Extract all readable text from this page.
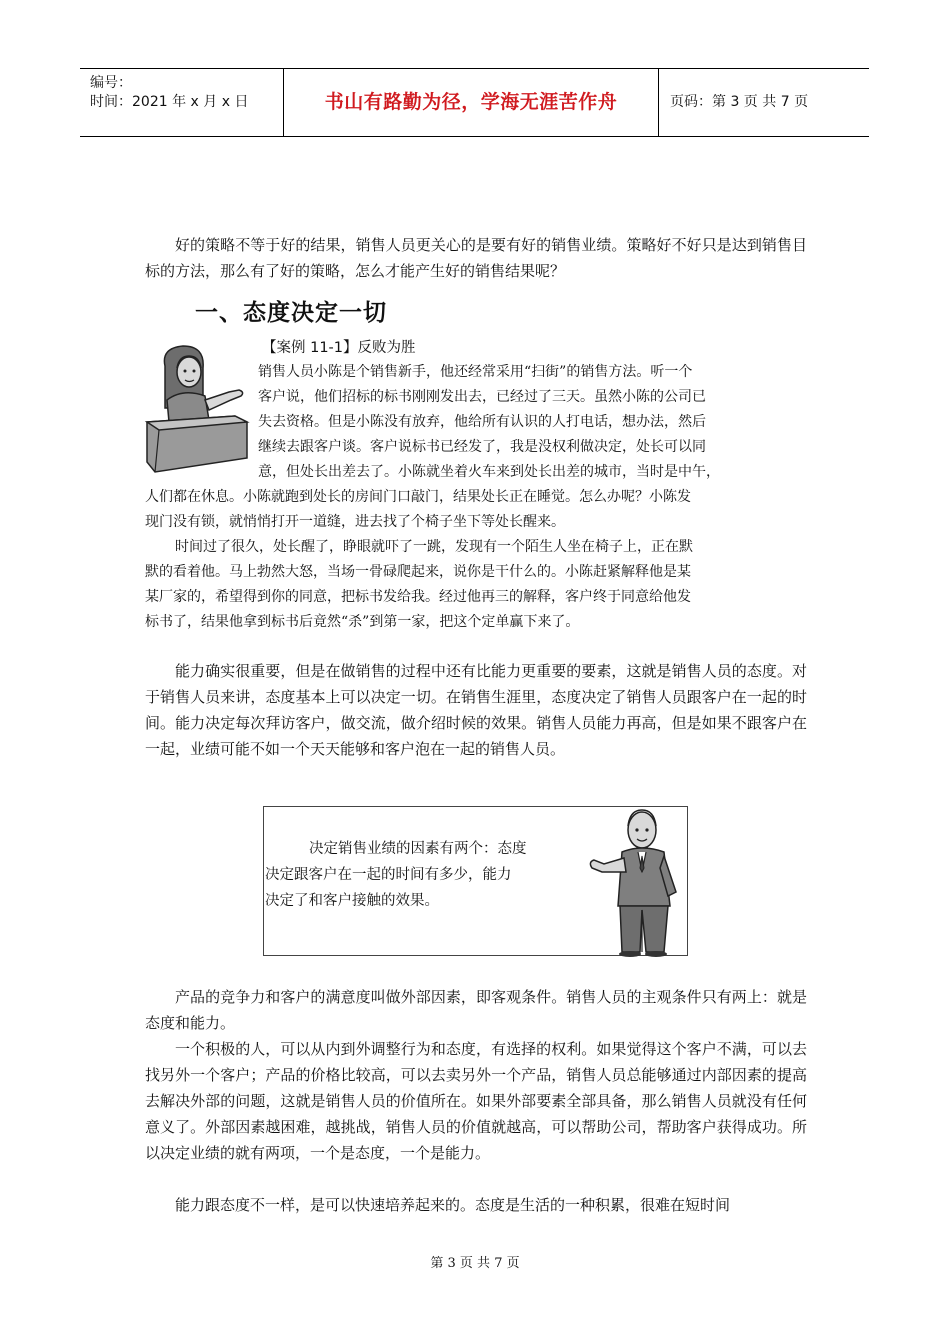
编号：
时间：2021 年 x 月 x 日	书山有路勤为径，学海无涯苦作舟	页码：第 3 页 共 7 页
好的策略不等于好的结果，销售人员更关心的是要有好的销售业绩。策略好不好只是达到销售目标的方法，那么有了好的策略，怎么才能产生好的销售结果呢？
一、态度决定一切
【案例 11-1】反败为胜
销售人员小陈是个销售新手，他还经常采用“扫街”的销售方法。听一个
客户说，他们招标的标书刚刚发出去，已经过了三天。虽然小陈的公司已
失去资格。但是小陈没有放弃，他给所有认识的人打电话，想办法，然后
继续去跟客户谈。客户说标书已经发了，我是没权利做决定，处长可以同
意，但处长出差去了。小陈就坐着火车来到处长出差的城市，当时是中午，
人们都在休息。小陈就跑到处长的房间门口敲门，结果处长正在睡觉。怎么办呢？小陈发
现门没有锁，就悄悄打开一道缝，进去找了个椅子坐下等处长醒来。
时间过了很久，处长醒了，睁眼就吓了一跳，发现有一个陌生人坐在椅子上，正在默
默的看着他。马上勃然大怒，当场一骨碌爬起来，说你是干什么的。小陈赶紧解释他是某
某厂家的，希望得到你的同意，把标书发给我。经过他再三的解释，客户终于同意给他发
标书了，结果他拿到标书后竟然“杀”到第一家，把这个定单赢下来了。
能力确实很重要，但是在做销售的过程中还有比能力更重要的要素，这就是销售人员的态度。对于销售人员来讲，态度基本上可以决定一切。在销售生涯里，态度决定了销售人员跟客户在一起的时间。能力决定每次拜访客户，做交流，做介绍时候的效果。销售人员能力再高，但是如果不跟客户在一起，业绩可能不如一个天天能够和客户泡在一起的销售人员。
决定销售业绩的因素有两个：态度
决定跟客户在一起的时间有多少，能力
决定了和客户接触的效果。
产品的竞争力和客户的满意度叫做外部因素，即客观条件。销售人员的主观条件只有两上：就是态度和能力。
一个积极的人，可以从内到外调整行为和态度，有选择的权利。如果觉得这个客户不满，可以去找另外一个客户；产品的价格比较高，可以去卖另外一个产品，销售人员总能够通过内部因素的提高去解决外部的问题，这就是销售人员的价值所在。如果外部要素全部具备，那么销售人员就没有任何意义了。外部因素越困难，越挑战，销售人员的价值就越高，可以帮助公司，帮助客户获得成功。所以决定业绩的就有两项，一个是态度，一个是能力。
能力跟态度不一样，是可以快速培养起来的。态度是生活的一种积累，很难在短时间
第 3 页 共 7 页
